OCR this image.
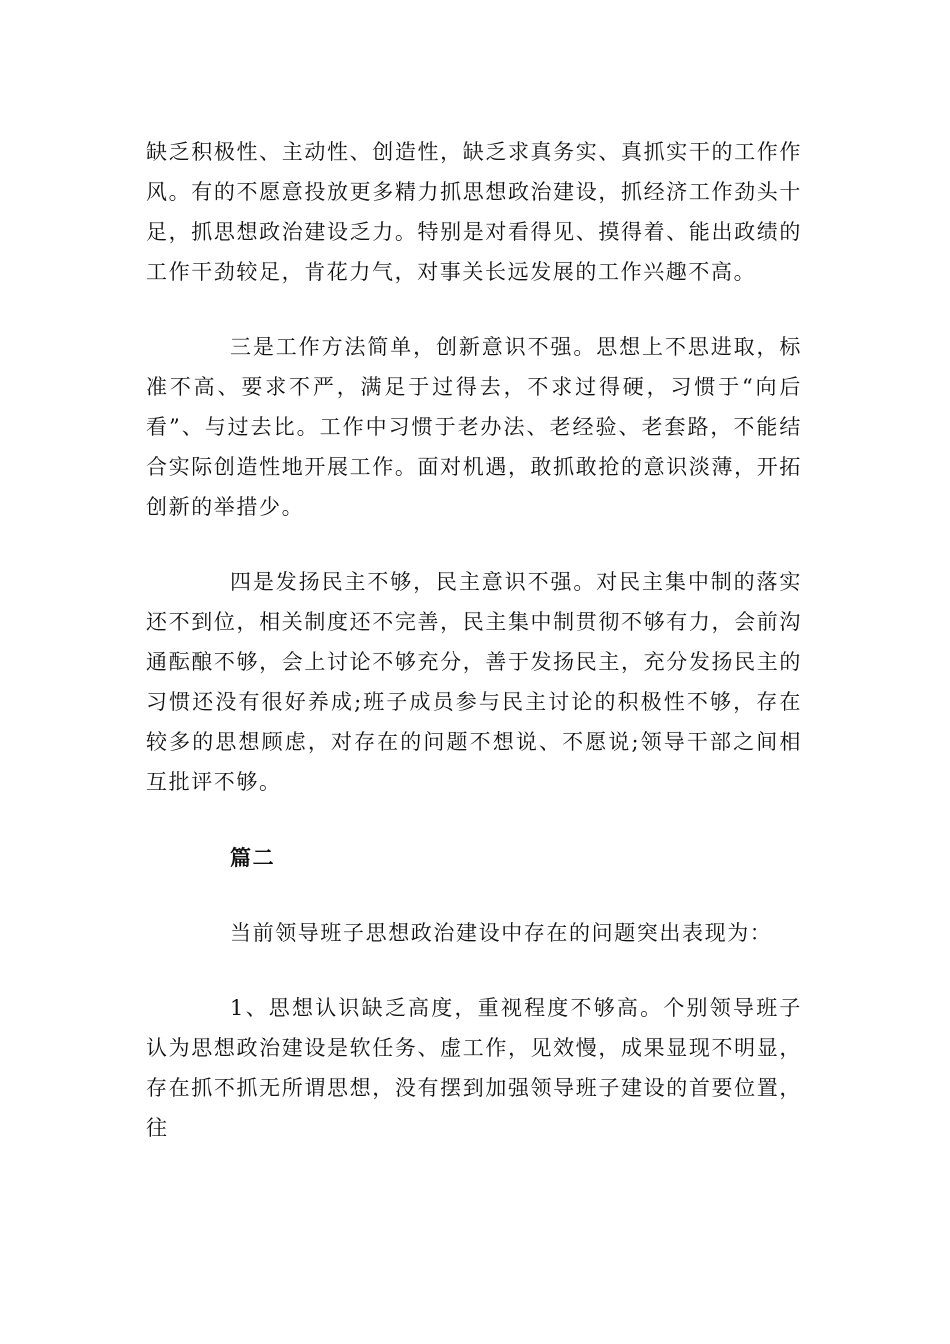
缺乏积极性、主动性、创造性，缺乏求真务实、真抓实干的工作作风。有的不愿意投放更多精力抓思想政治建设，抓经济工作劲头十足，抓思想政治建设乏力。特别是对看得见、摸得着、能出政绩的工作干劲较足，肯花力气，对事关长远发展的工作兴趣不高。

三是工作方法简单，创新意识不强。思想上不思进取，标准不高、要求不严，满足于过得去，不求过得硬，习惯于“向后看”、与过去比。工作中习惯于老办法、老经验、老套路，不能结合实际创造性地开展工作。面对机遇，敢抓敢抢的意识淡薄，开拓创新的举措少。

四是发扬民主不够，民主意识不强。对民主集中制的落实还不到位，相关制度还不完善，民主集中制贯彻不够有力，会前沟通酝酿不够，会上讨论不够充分，善于发扬民主，充分发扬民主的习惯还没有很好养成;班子成员参与民主讨论的积极性不够，存在较多的思想顾虑，对存在的问题不想说、不愿说;领导干部之间相互批评不够。

篇二

当前领导班子思想政治建设中存在的问题突出表现为：

1、思想认识缺乏高度，重视程度不够高。个别领导班子认为思想政治建设是软任务、虚工作，见效慢，成果显现不明显，存在抓不抓无所谓思想，没有摆到加强领导班子建设的首要位置，往
